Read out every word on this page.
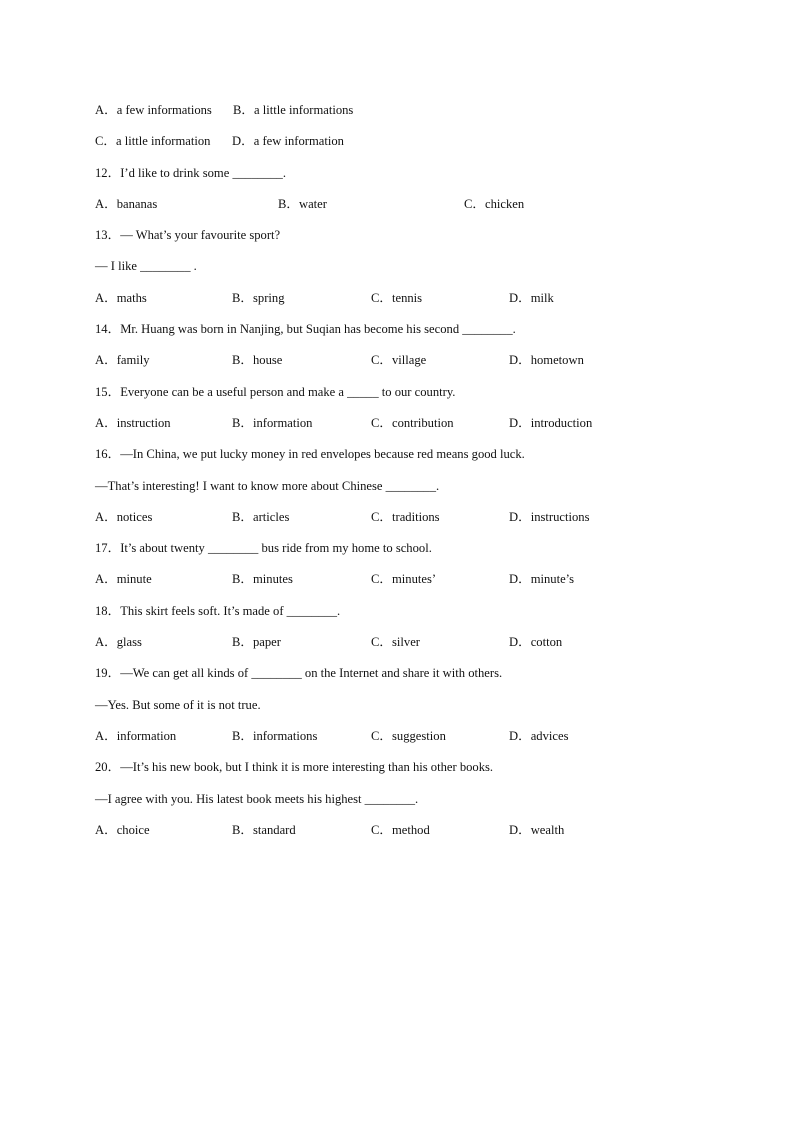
A．a few informations B．a little informations
C．a little information D．a few information
12．I’d like to drink some ________.
A．bananas	B．water	C．chicken
13．— What’s your favourite sport?
— I like ________ .
A．maths	B．spring	C．tennis	D．milk
14．Mr. Huang was born in Nanjing, but Suqian has become his second ________.
A．family	B．house	C．village	D．hometown
15．Everyone can be a useful person and make a _____ to our country.
A．instruction	B．information	C．contribution	D．introduction
16．—In China, we put lucky money in red envelopes because red means good luck.
—That’s interesting! I want to know more about Chinese ________.
A．notices	B．articles	C．traditions	D．instructions
17．It’s about twenty ________ bus ride from my home to school.
A．minute	B．minutes	C．minutes’	D．minute’s
18．This skirt feels soft. It’s made of ________.
A．glass	B．paper	C．silver	D．cotton
19．—We can get all kinds of ________ on the Internet and share it with others.
—Yes. But some of it is not true.
A．information	B．informations	C．suggestion	D．advices
20．—It’s his new book, but I think it is more interesting than his other books.
—I agree with you. His latest book meets his highest ________.
A．choice	B．standard	C．method	D．wealth
